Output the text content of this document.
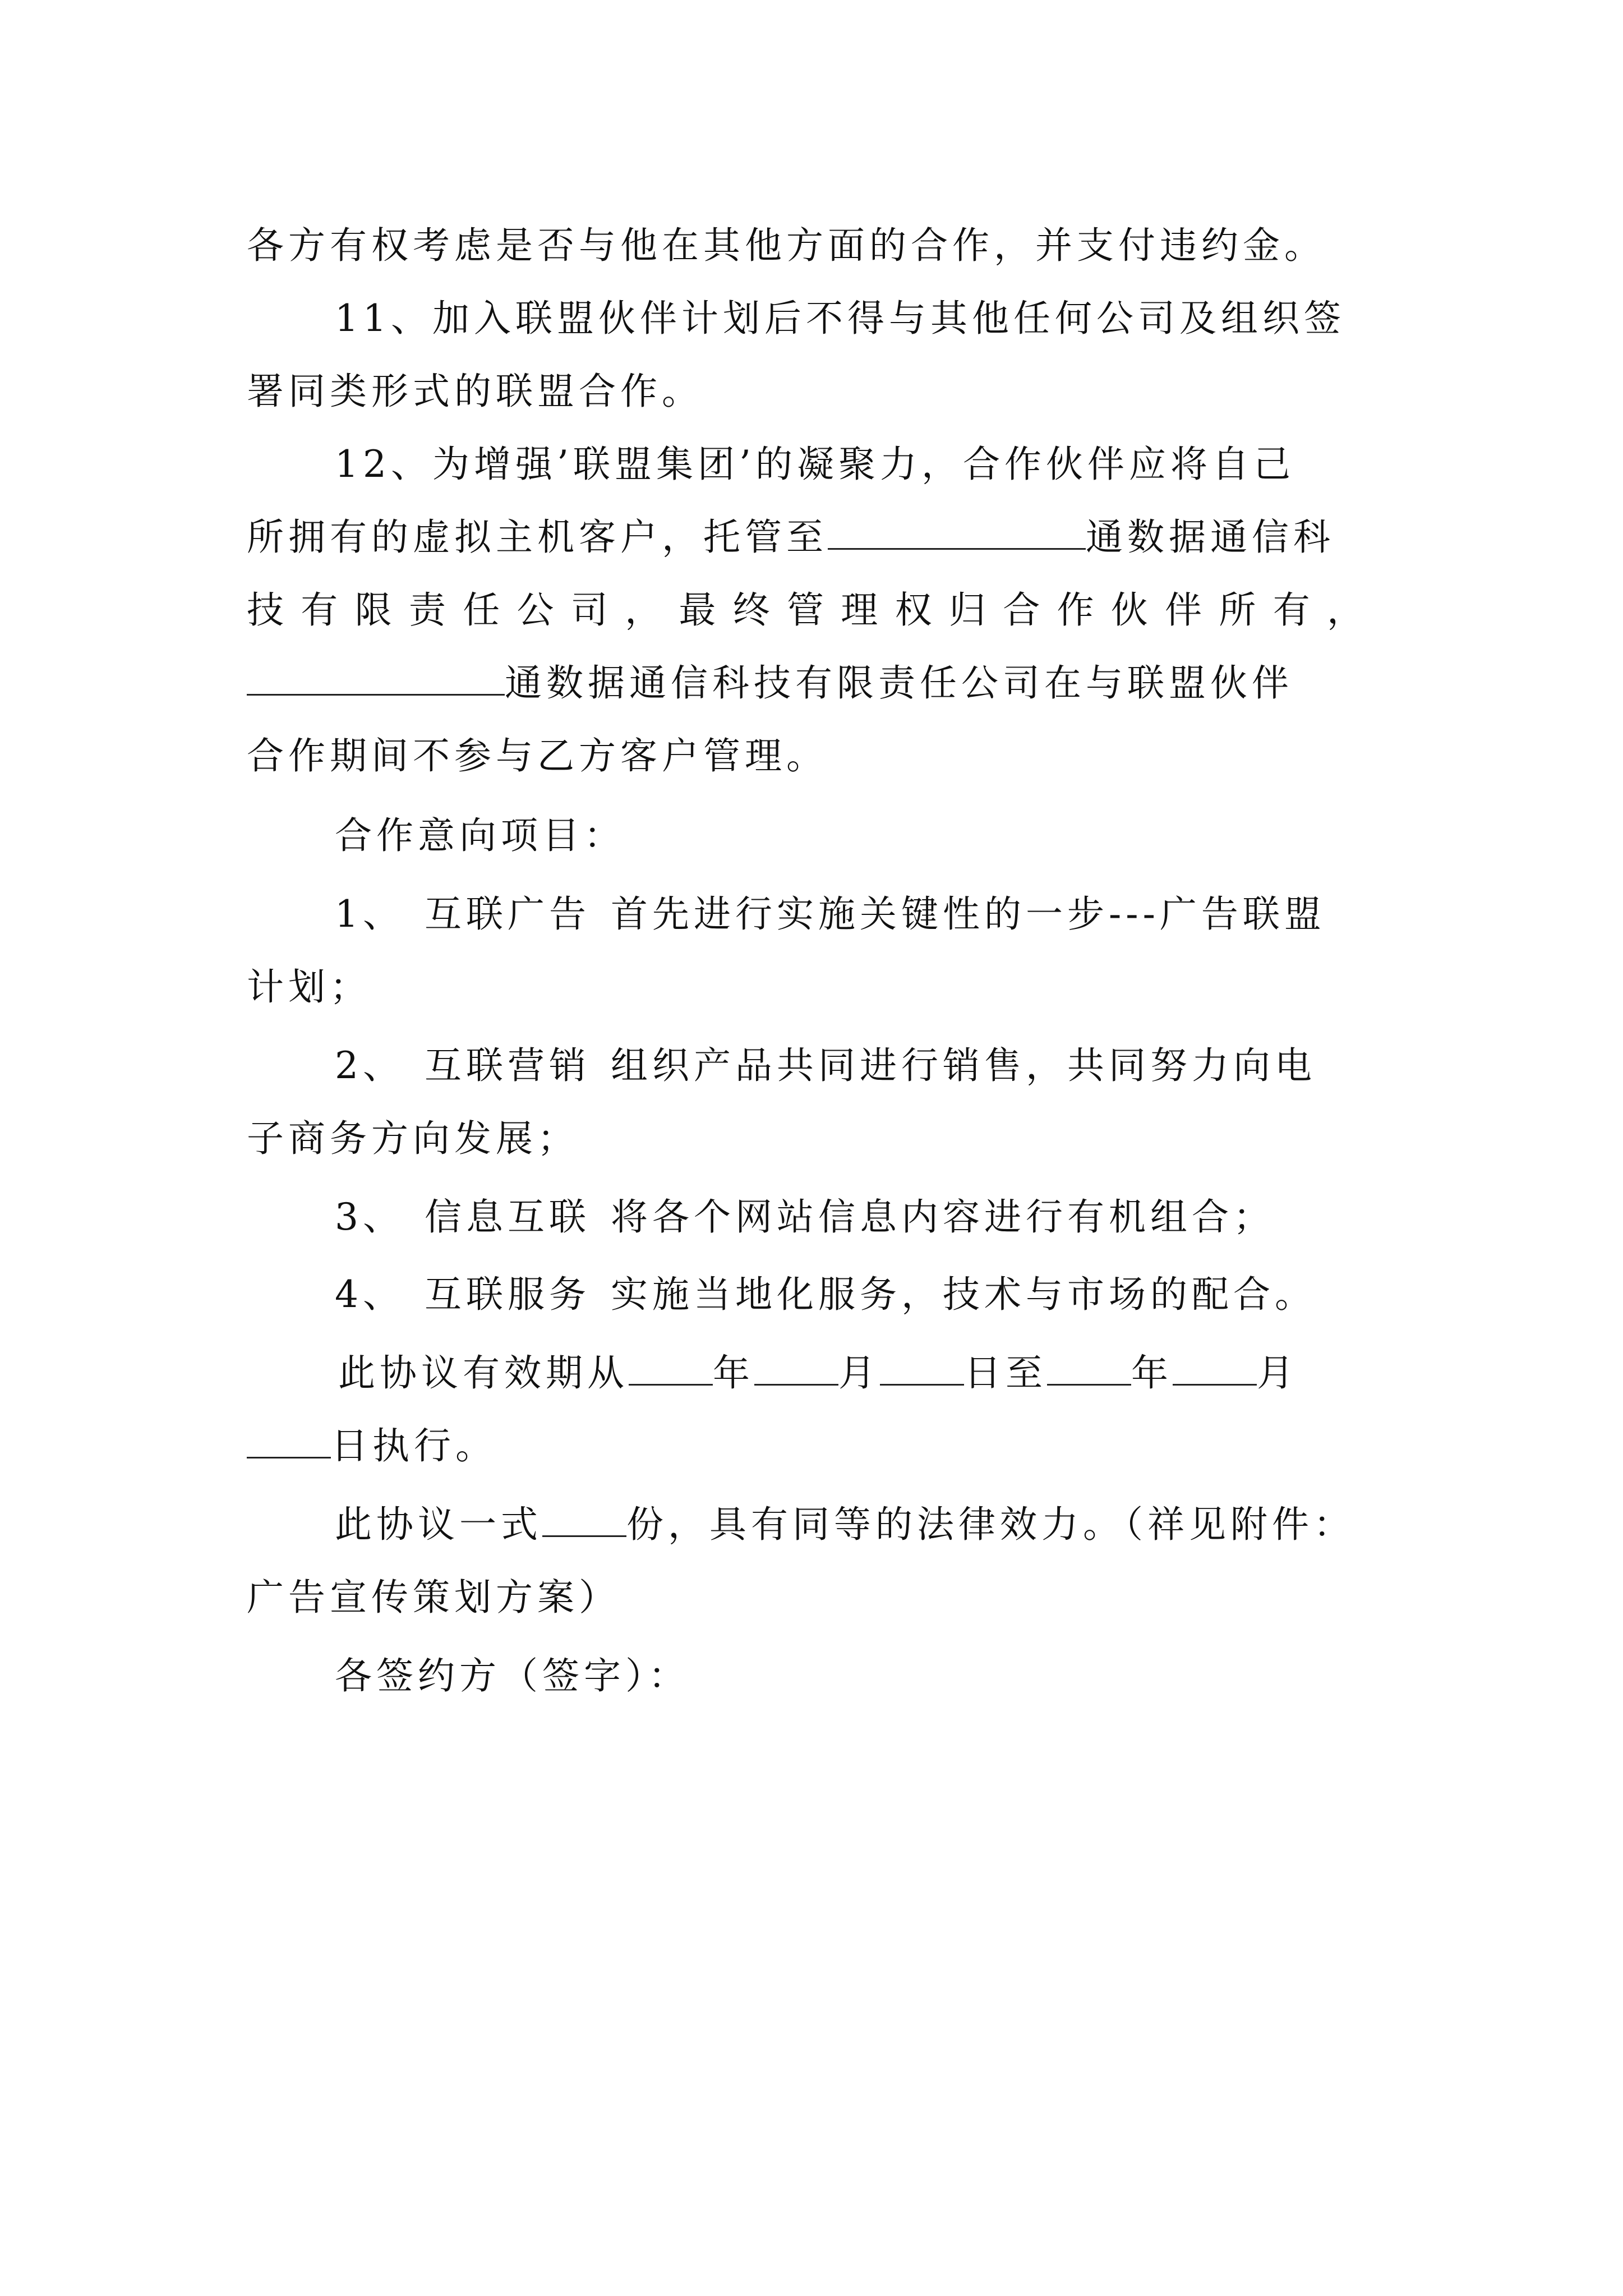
各方有权考虑是否与他在其他方面的合作，并支付违约金。
11、加入联盟伙伴计划后不得与其他任何公司及组织签
署同类形式的联盟合作。
12、为增强’联盟集团’的凝聚力，合作伙伴应将自己
所拥有的虚拟主机客户，托管至	通数据通信科
技有限责任公司，最终管理权归合作伙伴所有，
通数据通信科技有限责任公司在与联盟伙伴
合作期间不参与乙方客户管理。
合作意向项目：
1、 互联广告 首先进行实施关键性的一步---广告联盟
计划；
2、 互联营销 组织产品共同进行销售，共同努力向电
子商务方向发展；
3、 信息互联 将各个网站信息内容进行有机组合；
4、 互联服务 实施当地化服务，技术与市场的配合。
此协议有效期从 年 月 日至 年 月
日执行。
此协议一式 份，具有同等的法律效力。（祥见附件：
广告宣传策划方案）
各签约方（签字）：
